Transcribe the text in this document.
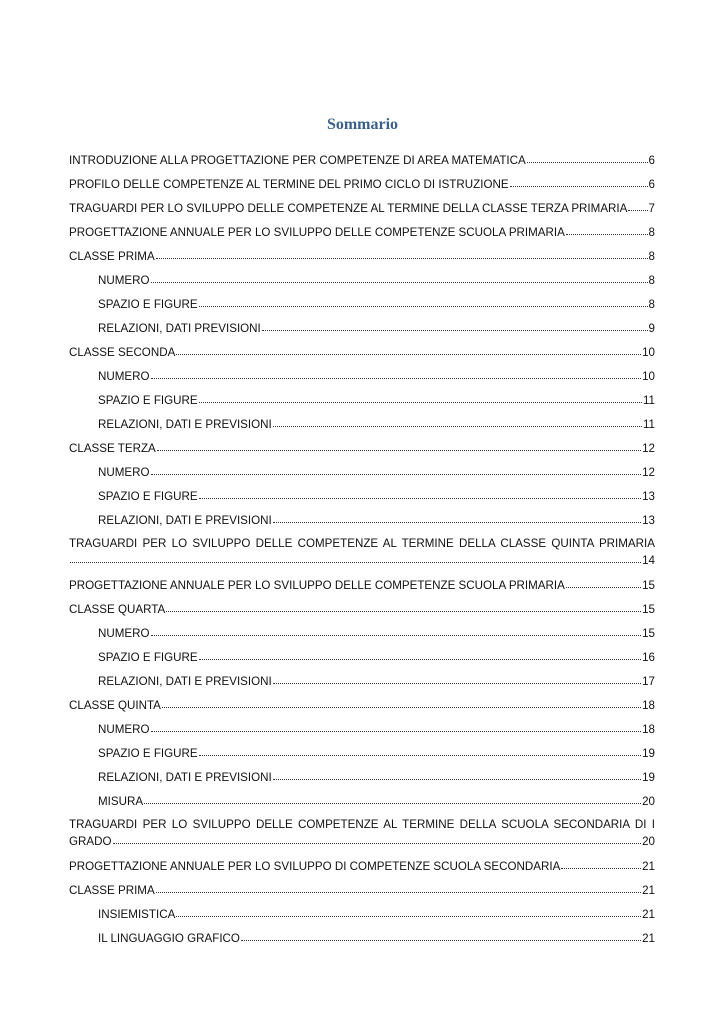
Sommario
INTRODUZIONE ALLA PROGETTAZIONE PER COMPETENZE DI AREA MATEMATICA	6
PROFILO DELLE COMPETENZE AL TERMINE DEL PRIMO CICLO DI ISTRUZIONE	6
TRAGUARDI PER LO SVILUPPO DELLE COMPETENZE AL TERMINE DELLA CLASSE TERZA PRIMARIA 7
PROGETTAZIONE ANNUALE PER LO SVILUPPO DELLE COMPETENZE SCUOLA PRIMARIA	8
CLASSE PRIMA	8
NUMERO	8
SPAZIO E FIGURE	8
RELAZIONI, DATI PREVISIONI	9
CLASSE SECONDA	10
NUMERO	10
SPAZIO E FIGURE	11
RELAZIONI, DATI E PREVISIONI	11
CLASSE TERZA	12
NUMERO	12
SPAZIO E FIGURE	13
RELAZIONI, DATI E PREVISIONI	13
TRAGUARDI PER LO SVILUPPO DELLE COMPETENZE AL TERMINE DELLA CLASSE QUINTA PRIMARIA
14
PROGETTAZIONE ANNUALE PER LO SVILUPPO DELLE COMPETENZE SCUOLA PRIMARIA	15
CLASSE QUARTA	15
NUMERO	15
SPAZIO E FIGURE	16
RELAZIONI, DATI E PREVISIONI	17
CLASSE QUINTA	18
NUMERO	18
SPAZIO E FIGURE	19
RELAZIONI, DATI E PREVISIONI	19
MISURA	20
TRAGUARDI PER LO SVILUPPO DELLE COMPETENZE AL TERMINE DELLA SCUOLA SECONDARIA DI I
GRADO	20
PROGETTAZIONE ANNUALE PER LO SVILUPPO DI COMPETENZE SCUOLA SECONDARIA	21
CLASSE PRIMA	21
INSIEMISTICA	21
IL LINGUAGGIO GRAFICO	21
